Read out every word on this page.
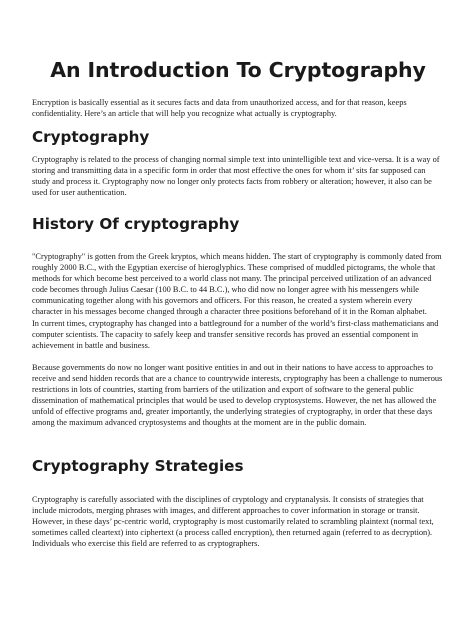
An Introduction To Cryptography

Encryption is basically essential as it secures facts and data from unauthorized access, and for that reason, keeps confidentiality. Here’s an article that will help you recognize what actually is cryptography.

Cryptography

Cryptography is related to the process of changing normal simple text into unintelligible text and vice-versa. It is a way of storing and transmitting data in a specific form in order that most effective the ones for whom it’ sits far supposed can study and process it. Cryptography now no longer only protects facts from robbery or alteration; however, it also can be used for user authentication.

History Of cryptography

"Cryptography" is gotten from the Greek kryptos, which means hidden. The start of cryptography is commonly dated from roughly 2000 B.C., with the Egyptian exercise of hieroglyphics. These comprised of muddled pictograms, the whole that methods for which become best perceived to a world class not many. The principal perceived utilization of an advanced code becomes through Julius Caesar (100 B.C. to 44 B.C.), who did now no longer agree with his messengers while communicating together along with his governors and officers. For this reason, he created a system wherein every character in his messages become changed through a character three positions beforehand of it in the Roman alphabet.

In current times, cryptography has changed into a battleground for a number of the world’s first-class mathematicians and computer scientists. The capacity to safely keep and transfer sensitive records has proved an essential component in achievement in battle and business.

Because governments do now no longer want positive entities in and out in their nations to have access to approaches to receive and send hidden records that are a chance to countrywide interests, cryptography has been a challenge to numerous restrictions in lots of countries, starting from barriers of the utilization and export of software to the general public dissemination of mathematical principles that would be used to develop cryptosystems. However, the net has allowed the unfold of effective programs and, greater importantly, the underlying strategies of cryptography, in order that these days among the maximum advanced cryptosystems and thoughts at the moment are in the public domain.

Cryptography Strategies

Cryptography is carefully associated with the disciplines of cryptology and cryptanalysis. It consists of strategies that include microdots, merging phrases with images, and different approaches to cover information in storage or transit. However, in these days’ pc-centric world, cryptography is most customarily related to scrambling plaintext (normal text, sometimes called cleartext) into ciphertext (a process called encryption), then returned again (referred to as decryption). Individuals who exercise this field are referred to as cryptographers.
